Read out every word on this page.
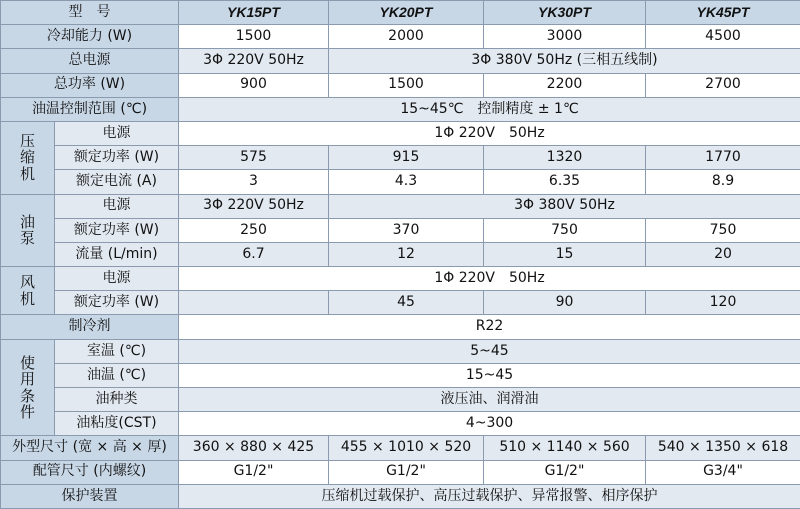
型　号		YK15PT	YK20PT	YK30PT	YK45PT
冷却能力 (W)		1500	2000	3000	4500
总电源		3Φ 220V 50Hz	3Φ 380V 50Hz (三相五线制)		
总功率 (W)		900	1500	2200	2700
油温控制范围 (℃)		15~45℃　控制精度 ± 1℃			
压缩机	电源	1Φ 220V　50Hz			
	额定功率 (W)	575	915	1320	1770
	额定电流 (A)	3	4.3	6.35	8.9
油泵	电源	3Φ 220V 50Hz	3Φ 380V 50Hz		
	额定功率 (W)	250	370	750	750
	流量 (L/min)	6.7	12	15	20
风机	电源	1Φ 220V　50Hz			
	额定功率 (W)		45	90	120
制冷剂		R22			
使用条件	室温 (℃)	5~45			
	油温 (℃)	15~45			
	油种类	液压油、润滑油			
	油粘度(CST)	4~300			
外型尺寸 (宽 × 高 × 厚)		360 × 880 × 425	455 × 1010 × 520	510 × 1140 × 560	540 × 1350 × 618
配管尺寸 (内螺纹)		G1/2"	G1/2"	G1/2"	G3/4"
保护装置		压缩机过载保护、高压过载保护、异常报警、相序保护			
